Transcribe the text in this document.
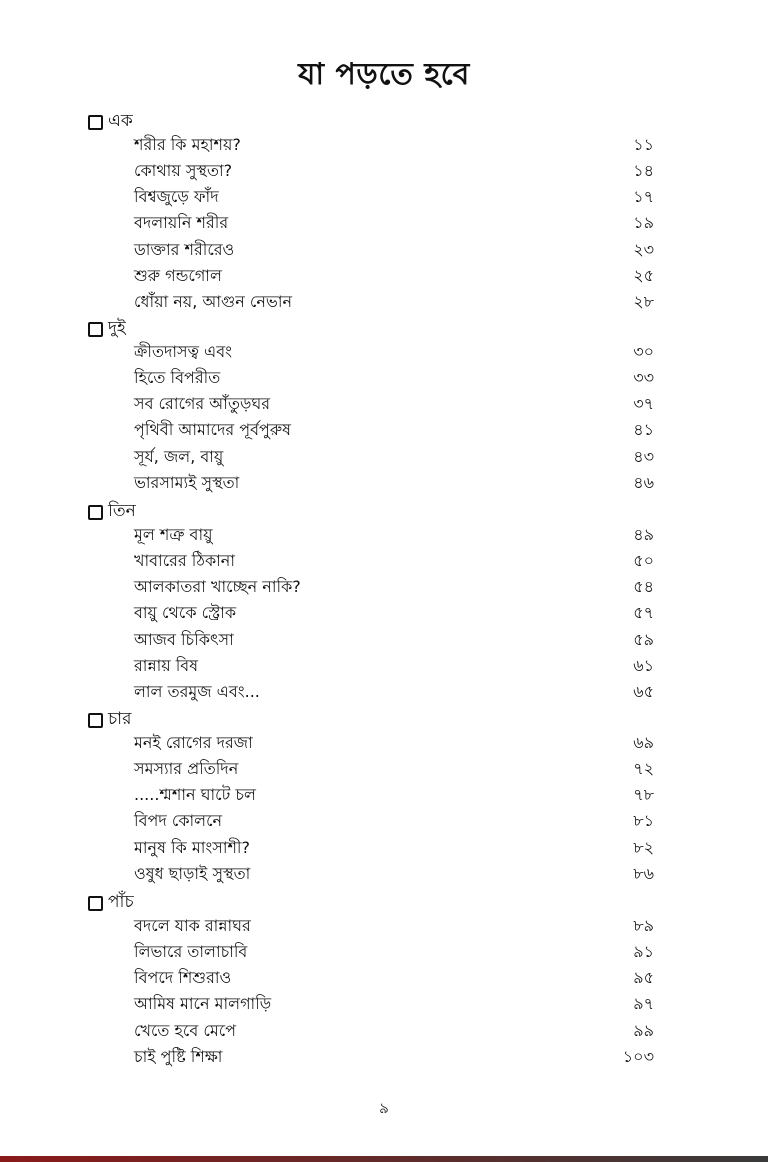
যা পড়তে হবে
এক
শরীর কি মহাশয়?	১১
কোথায় সুস্থতা?	১৪
বিশ্বজুড়ে ফাঁদ	১৭
বদলায়নি শরীর	১৯
ডাক্তার শরীরেও	২৩
শুরু গন্ডগোল	২৫
ধোঁয়া নয়, আগুন নেভান	২৮
দুই
ক্রীতদাসত্ব এবং	৩০
হিতে বিপরীত	৩৩
সব রোগের আঁতুড়ঘর	৩৭
পৃথিবী আমাদের পূর্বপুরুষ	৪১
সূর্য, জল, বায়ু	৪৩
ভারসাম্যই সুস্থতা	৪৬
তিন
মূল শত্রু বায়ু	৪৯
খাবারের ঠিকানা	৫০
আলকাতরা খাচ্ছেন নাকি?	৫৪
বায়ু থেকে স্ট্রোক	৫৭
আজব চিকিৎসা	৫৯
রান্নায় বিষ	৬১
লাল তরমুজ এবং...	৬৫
চার
মনই রোগের দরজা	৬৯
সমস্যার প্রতিদিন	৭২
.....শ্মশান ঘাটে চল	৭৮
বিপদ কোলনে	৮১
মানুষ কি মাংসাশী?	৮২
ওষুধ ছাড়াই সুস্থতা	৮৬
পাঁচ
বদলে যাক রান্নাঘর	৮৯
লিভারে তালাচাবি	৯১
বিপদে শিশুরাও	৯৫
আমিষ মানে মালগাড়ি	৯৭
খেতে হবে মেপে	৯৯
চাই পুষ্টি শিক্ষা	১০৩
৯
